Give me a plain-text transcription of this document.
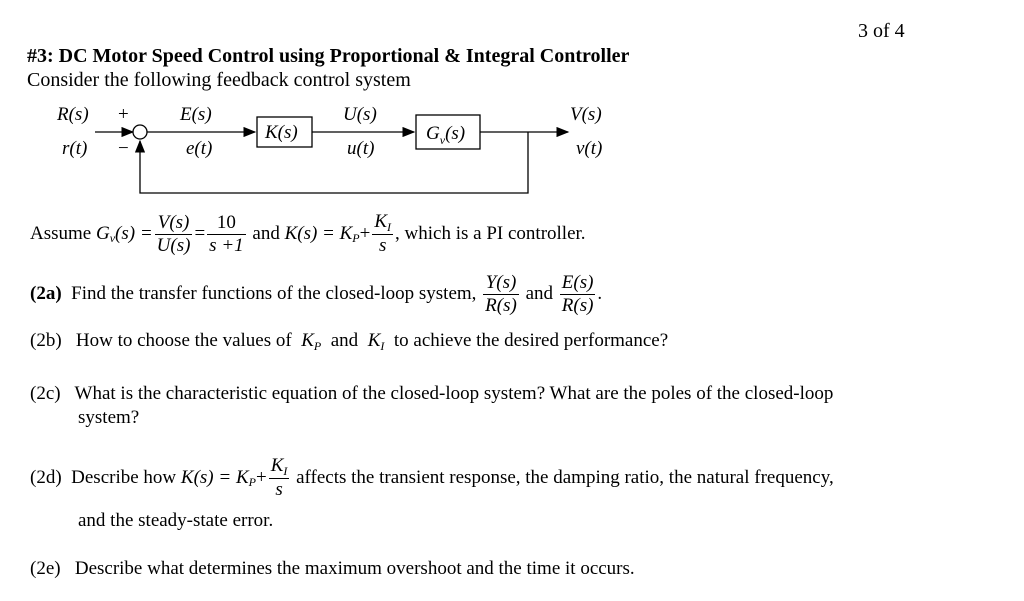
3 of 4
#3: DC Motor Speed Control using Proportional & Integral Controller
Consider the following feedback control system
R(s)
r(t)
+
−
E(s)
e(t)
K(s)
U(s)
u(t)
$G_v(s)$
V(s)
v(t)
Assume
G v $(s) = \frac{V(s)}{U(s)} = \frac{10}{s +1}$
and
K(s) = K $P + \frac{K_I}{s}$ , which is a PI controller.
(2a)
Find the transfer functions of the closed-loop system,
$\frac{Y(s)}{R(s)}$
and
$\frac{E(s)}{R(s)}$ .
(2b) How to choose the values of $K_P$ and $K_I$ to achieve the desired performance?
(2c) What is the characteristic equation of the closed-loop system? What are the poles of the closed-loop
system?
(2d)
Describe how
K(s) = K $P + \frac{K_I}{s}$
affects the transient response, the damping ratio, the natural frequency,
and the steady-state error.
(2e) Describe what determines the maximum overshoot and the time it occurs.
